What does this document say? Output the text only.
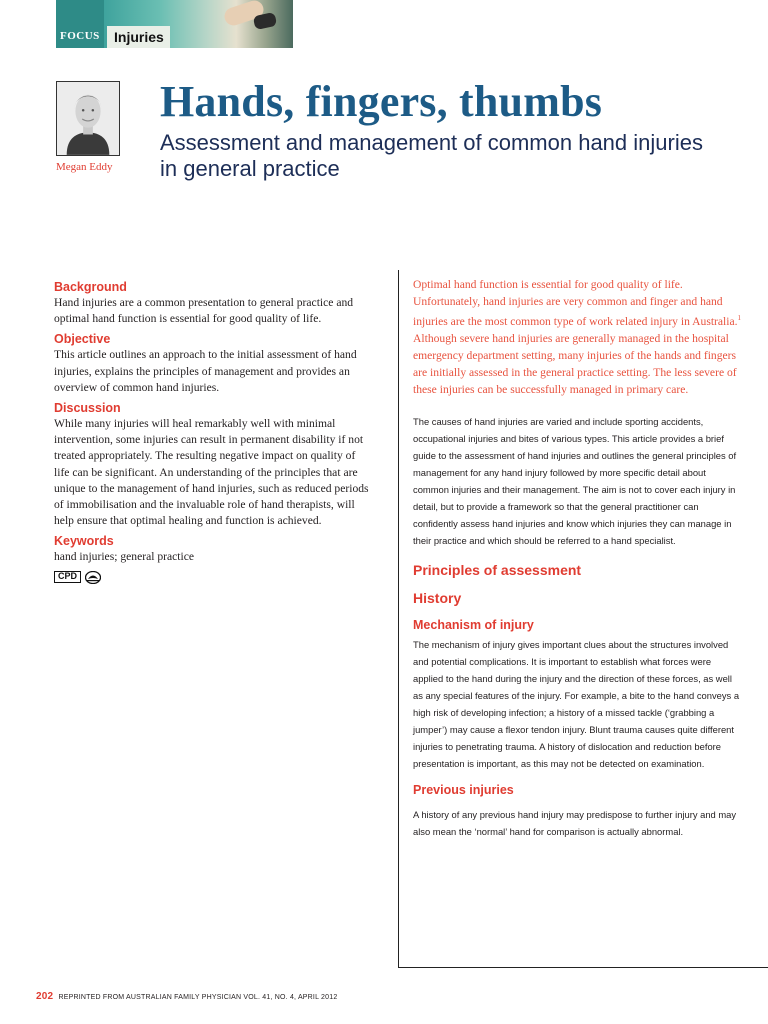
FOCUS	Injuries
Megan Eddy
Hands, fingers, thumbs
Assessment and management of common hand injuries in general practice
Background

Hand injuries are a common presentation to general practice and optimal hand function is essential for good quality of life.

Objective

This article outlines an approach to the initial assessment of hand injuries, explains the principles of management and provides an overview of common hand injuries.

Discussion

While many injuries will heal remarkably well with minimal intervention, some injuries can result in permanent disability if not treated appropriately. The resulting negative impact on quality of life can be significant. An understanding of the principles that are unique to the management of hand injuries, such as reduced periods of immobilisation and the invaluable role of hand therapists, will help ensure that optimal healing and function is achieved.

Keywords

hand injuries; general practice

CPD

Optimal hand function is essential for good quality of life. Unfortunately, hand injuries are very common and finger and hand injuries are the most common type of work related injury in Australia.$^1$ Although severe hand injuries are generally managed in the hospital emergency department setting, many injuries of the hands and fingers are initially assessed in the general practice setting. The less severe of these injuries can be successfully managed in primary care.

The causes of hand injuries are varied and include sporting accidents, occupational injuries and bites of various types. This article provides a brief guide to the assessment of hand injuries and outlines the general principles of management for any hand injury followed by more specific detail about common injuries and their management. The aim is not to cover each injury in detail, but to provide a framework so that the general practitioner can confidently assess hand injuries and know which injuries they can manage in their practice and which should be referred to a hand specialist.

Principles of assessment
History
Mechanism of injury

The mechanism of injury gives important clues about the structures involved and potential complications. It is important to establish what forces were applied to the hand during the injury and the direction of these forces, as well as any special features of the injury. For example, a bite to the hand conveys a high risk of developing infection; a history of a missed tackle (‘grabbing a jumper’) may cause a flexor tendon injury. Blunt trauma causes quite different injuries to penetrating trauma. A history of dislocation and reduction before presentation is important, as this may not be detected on examination.

Previous injuries

A history of any previous hand injury may predispose to further injury and may also mean the ‘normal’ hand for comparison is actually abnormal.

202 REPRINTED FROM AUSTRALIAN FAMILY PHYSICIAN VOL. 41, NO. 4, APRIL 2012
